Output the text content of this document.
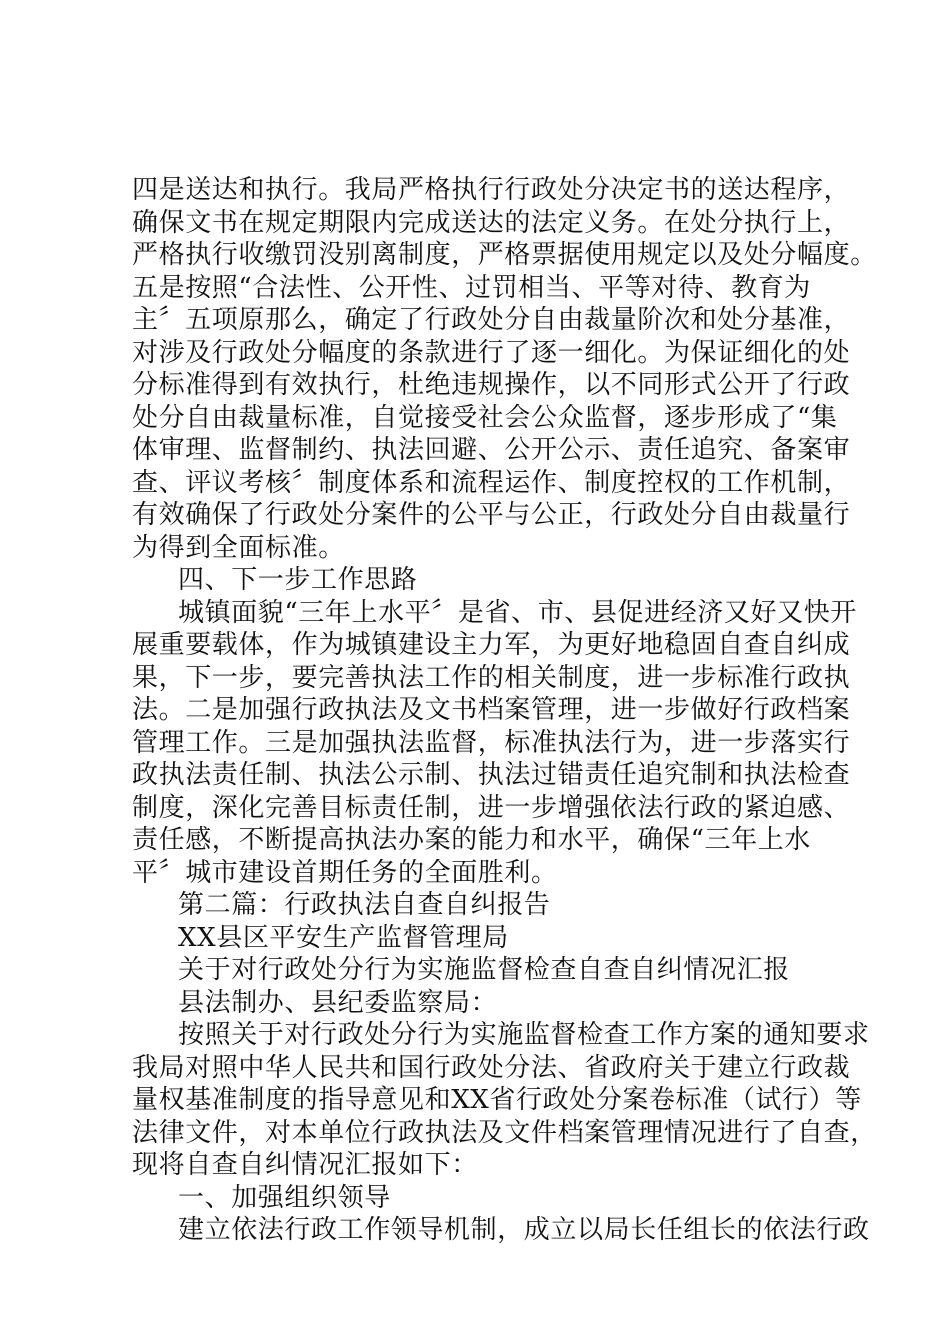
四是送达和执行。我局严格执行行政处分决定书的送达程序，
确保文书在规定期限内完成送达的法定义务。在处分执行上，
严格执行收缴罚没别离制度，严格票据使用规定以及处分幅度。
五是按照“合法性、公开性、过罚相当、平等对待、教育为
主〞五项原那么，确定了行政处分自由裁量阶次和处分基准，
对涉及行政处分幅度的条款进行了逐一细化。为保证细化的处
分标准得到有效执行，杜绝违规操作，以不同形式公开了行政
处分自由裁量标准，自觉接受社会公众监督，逐步形成了“集
体审理、监督制约、执法回避、公开公示、责任追究、备案审
查、评议考核〞制度体系和流程运作、制度控权的工作机制，
有效确保了行政处分案件的公平与公正，行政处分自由裁量行
为得到全面标准。
四、下一步工作思路
城镇面貌“三年上水平〞是省、市、县促进经济又好又快开
展重要载体，作为城镇建设主力军，为更好地稳固自查自纠成
果，下一步，要完善执法工作的相关制度，进一步标准行政执
法。二是加强行政执法及文书档案管理，进一步做好行政档案
管理工作。三是加强执法监督，标准执法行为，进一步落实行
政执法责任制、执法公示制、执法过错责任追究制和执法检查
制度，深化完善目标责任制，进一步增强依法行政的紧迫感、
责任感，不断提高执法办案的能力和水平，确保“三年上水
平〞城市建设首期任务的全面胜利。
第二篇：行政执法自查自纠报告
XX县区平安生产监督管理局
关于对行政处分行为实施监督检查自查自纠情况汇报
县法制办、县纪委监察局：
按照关于对行政处分行为实施监督检查工作方案的通知要求
我局对照中华人民共和国行政处分法、省政府关于建立行政裁
量权基准制度的指导意见和XX省行政处分案卷标准（试行）等
法律文件，对本单位行政执法及文件档案管理情况进行了自查，
现将自查自纠情况汇报如下：
一、加强组织领导
建立依法行政工作领导机制，成立以局长任组长的依法行政
